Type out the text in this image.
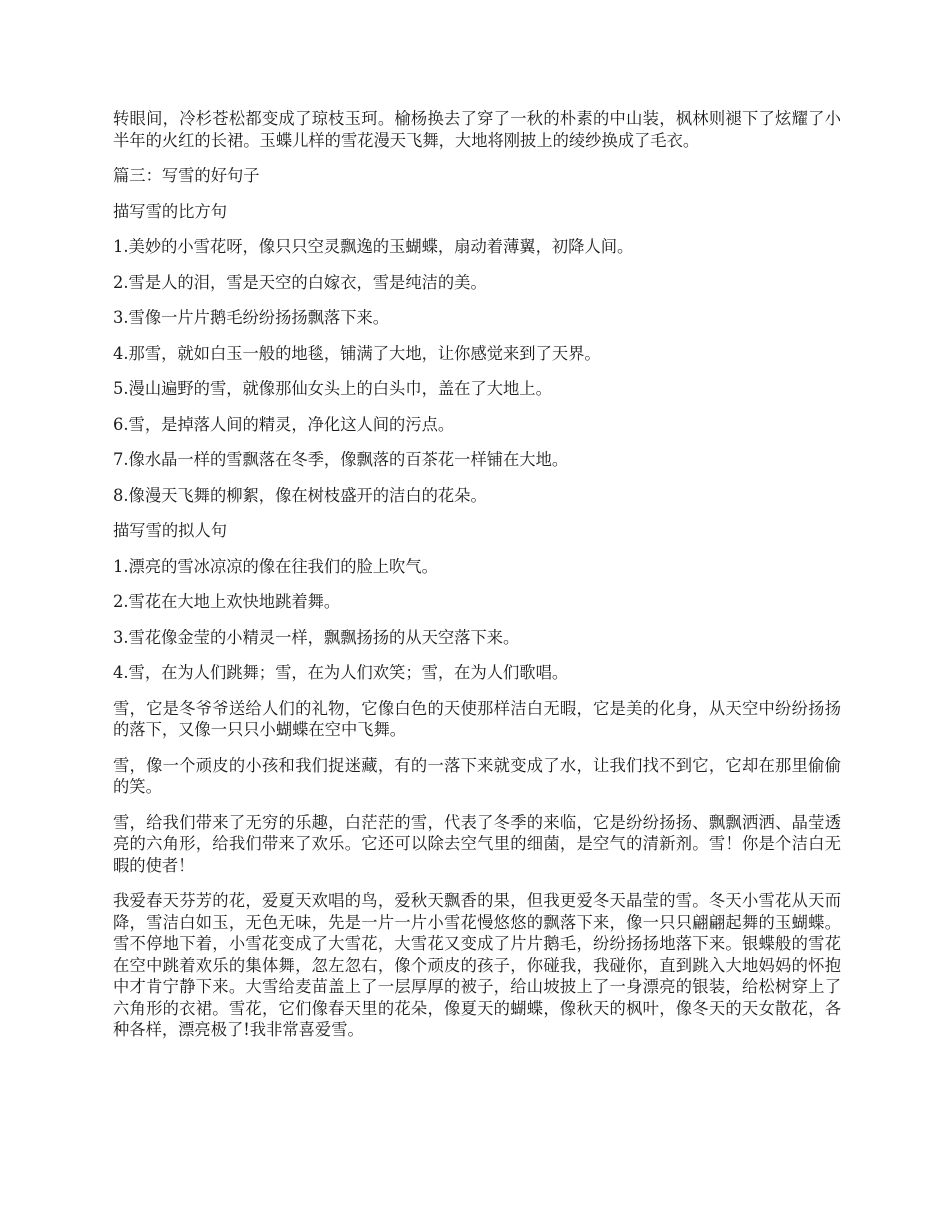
转眼间，冷杉苍松都变成了琼枝玉珂。榆杨换去了穿了一秋的朴素的中山装，枫林则褪下了炫耀了小半年的火红的长裙。玉蝶儿样的雪花漫天飞舞，大地将刚披上的绫纱换成了毛衣。

篇三：写雪的好句子

描写雪的比方句

1.美妙的小雪花呀，像只只空灵飘逸的玉蝴蝶，扇动着薄翼，初降人间。

2.雪是人的泪，雪是天空的白嫁衣，雪是纯洁的美。

3.雪像一片片鹅毛纷纷扬扬飘落下来。

4.那雪，就如白玉一般的地毯，铺满了大地，让你感觉来到了天界。

5.漫山遍野的雪，就像那仙女头上的白头巾，盖在了大地上。

6.雪，是掉落人间的精灵，净化这人间的污点。

7.像水晶一样的雪飘落在冬季，像飘落的百茶花一样铺在大地。

8.像漫天飞舞的柳絮，像在树枝盛开的洁白的花朵。

描写雪的拟人句

1.漂亮的雪冰凉凉的像在往我们的脸上吹气。

2.雪花在大地上欢快地跳着舞。

3.雪花像金莹的小精灵一样，飘飘扬扬的从天空落下来。

4.雪，在为人们跳舞；雪，在为人们欢笑；雪，在为人们歌唱。

雪，它是冬爷爷送给人们的礼物，它像白色的天使那样洁白无暇，它是美的化身，从天空中纷纷扬扬的落下，又像一只只小蝴蝶在空中飞舞。

雪，像一个顽皮的小孩和我们捉迷藏，有的一落下来就变成了水，让我们找不到它，它却在那里偷偷的笑。

雪，给我们带来了无穷的乐趣，白茫茫的雪，代表了冬季的来临，它是纷纷扬扬、飘飘洒洒、晶莹透亮的六角形，给我们带来了欢乐。它还可以除去空气里的细菌，是空气的清新剂。雪！你是个洁白无暇的使者！

我爱春天芬芳的花，爱夏天欢唱的鸟，爱秋天飘香的果，但我更爱冬天晶莹的雪。冬天小雪花从天而降，雪洁白如玉，无色无味，先是一片一片小雪花慢悠悠的飘落下来，像一只只翩翩起舞的玉蝴蝶。雪不停地下着，小雪花变成了大雪花，大雪花又变成了片片鹅毛，纷纷扬扬地落下来。银蝶般的雪花在空中跳着欢乐的集体舞，忽左忽右，像个顽皮的孩子，你碰我，我碰你，直到跳入大地妈妈的怀抱中才肯宁静下来。大雪给麦苗盖上了一层厚厚的被子，给山坡披上了一身漂亮的银装，给松树穿上了六角形的衣裙。雪花，它们像春天里的花朵，像夏天的蝴蝶，像秋天的枫叶，像冬天的天女散花，各种各样，漂亮极了!我非常喜爱雪。
